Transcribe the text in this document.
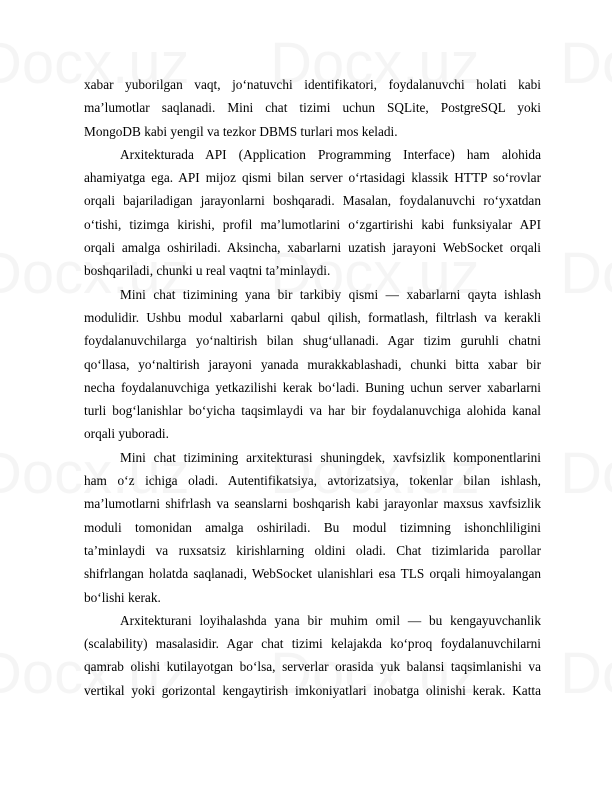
xabar yuborilgan vaqt, jo‘natuvchi identifikatori, foydalanuvchi holati kabi
ma’lumotlar saqlanadi. Mini chat tizimi uchun SQLite, PostgreSQL yoki
MongoDB kabi yengil va tezkor DBMS turlari mos keladi.
Arxitekturada API (Application Programming Interface) ham alohida
ahamiyatga ega. API mijoz qismi bilan server o‘rtasidagi klassik HTTP so‘rovlar
orqali bajariladigan jarayonlarni boshqaradi. Masalan, foydalanuvchi ro‘yxatdan
o‘tishi, tizimga kirishi, profil ma’lumotlarini o‘zgartirishi kabi funksiyalar API
orqali amalga oshiriladi. Aksincha, xabarlarni uzatish jarayoni WebSocket orqali
boshqariladi, chunki u real vaqtni ta’minlaydi.
Mini chat tizimining yana bir tarkibiy qismi — xabarlarni qayta ishlash
modulidir. Ushbu modul xabarlarni qabul qilish, formatlash, filtrlash va kerakli
foydalanuvchilarga yo‘naltirish bilan shug‘ullanadi. Agar tizim guruhli chatni
qo‘llasa, yo‘naltirish jarayoni yanada murakkablashadi, chunki bitta xabar bir
necha foydalanuvchiga yetkazilishi kerak bo‘ladi. Buning uchun server xabarlarni
turli bog‘lanishlar bo‘yicha taqsimlaydi va har bir foydalanuvchiga alohida kanal
orqali yuboradi.
Mini chat tizimining arxitekturasi shuningdek, xavfsizlik komponentlarini
ham o‘z ichiga oladi. Autentifikatsiya, avtorizatsiya, tokenlar bilan ishlash,
ma’lumotlarni shifrlash va seanslarni boshqarish kabi jarayonlar maxsus xavfsizlik
moduli tomonidan amalga oshiriladi. Bu modul tizimning ishonchliligini
ta’minlaydi va ruxsatsiz kirishlarning oldini oladi. Chat tizimlarida parollar
shifrlangan holatda saqlanadi, WebSocket ulanishlari esa TLS orqali himoyalangan
bo‘lishi kerak.
Arxitekturani loyihalashda yana bir muhim omil — bu kengayuvchanlik
(scalability) masalasidir. Agar chat tizimi kelajakda ko‘proq foydalanuvchilarni
qamrab olishi kutilayotgan bo‘lsa, serverlar orasida yuk balansi taqsimlanishi va
vertikal yoki gorizontal kengaytirish imkoniyatlari inobatga olinishi kerak. Katta
